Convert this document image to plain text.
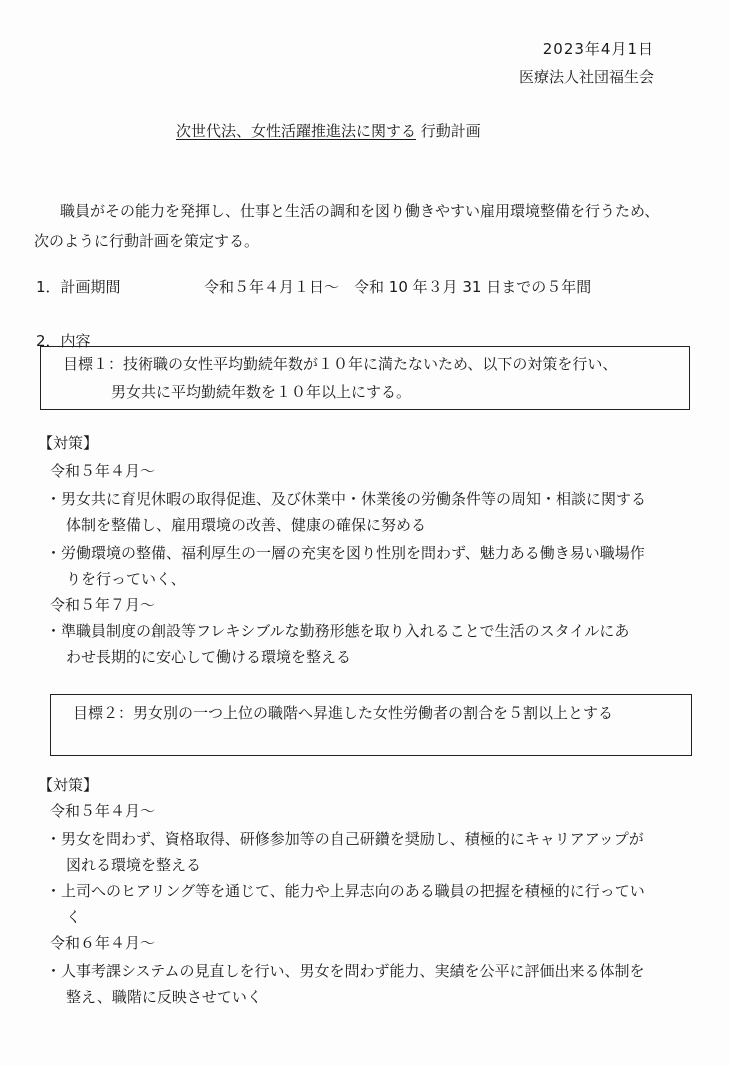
2023年4月1日
医療法人社団福生会
次世代法、女性活躍推進法に関する 行動計画
職員がその能力を発揮し、仕事と生活の調和を図り働きやすい雇用環境整備を行うため、
次のように行動計画を策定する。
1．計画期間	令和５年４月１日～　令和 10 年３月 31 日までの５年間
2．内容
目標１：技術職の女性平均勤続年数が１０年に満たないため、以下の対策を行い、
男女共に平均勤続年数を１０年以上にする。
【対策】
令和５年４月～
・男女共に育児休暇の取得促進、及び休業中・休業後の労働条件等の周知・相談に関する
体制を整備し、雇用環境の改善、健康の確保に努める
・労働環境の整備、福利厚生の一層の充実を図り性別を問わず、魅力ある働き易い職場作
りを行っていく、
令和５年７月～
・準職員制度の創設等フレキシブルな勤務形態を取り入れることで生活のスタイルにあ
わせ長期的に安心して働ける環境を整える
目標２：男女別の一つ上位の職階へ昇進した女性労働者の割合を５割以上とする
【対策】
令和５年４月～
・男女を問わず、資格取得、研修参加等の自己研鑽を奨励し、積極的にキャリアアップが
図れる環境を整える
・上司へのヒアリング等を通じて、能力や上昇志向のある職員の把握を積極的に行ってい
く
令和６年４月～
・人事考課システムの見直しを行い、男女を問わず能力、実績を公平に評価出来る体制を
整え、職階に反映させていく
